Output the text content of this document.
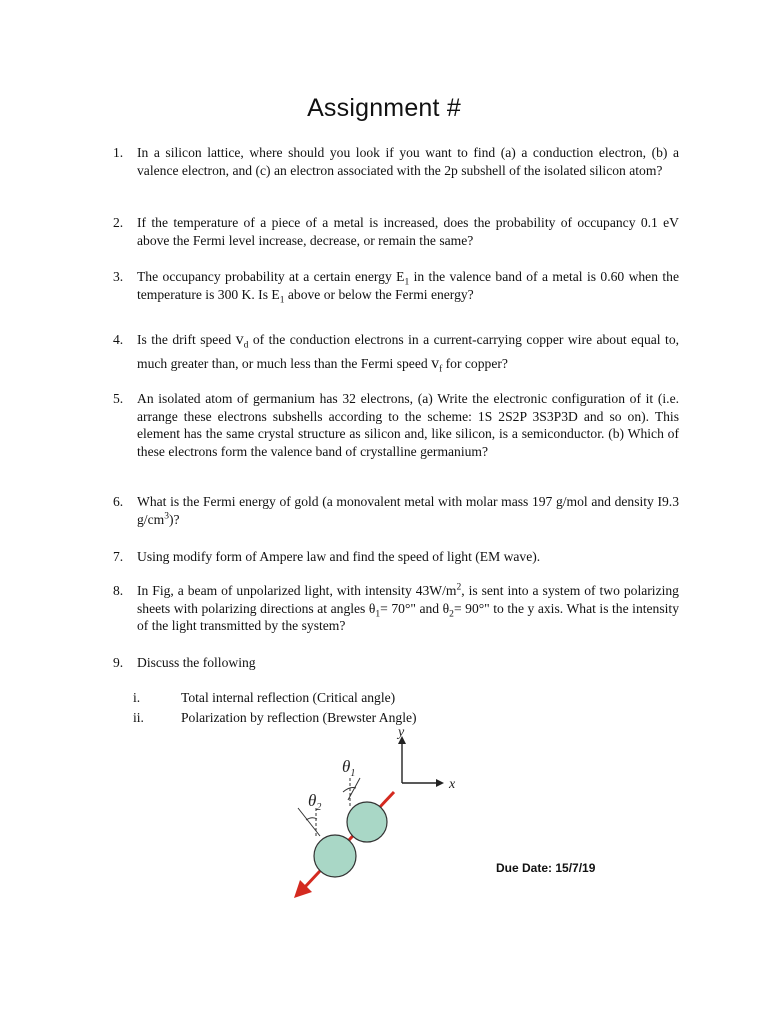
Assignment #
1. In a silicon lattice, where should you look if you want to find (a) a conduction electron, (b) a valence electron, and (c) an electron associated with the 2p subshell of the isolated silicon atom?
2. If the temperature of a piece of a metal is increased, does the probability of occupancy 0.1 eV above the Fermi level increase, decrease, or remain the same?
3. The occupancy probability at a certain energy $E_1$ in the valence band of a metal is 0.60 when the temperature is 300 K. Is $E_1$ above or below the Fermi energy?
4. Is the drift speed $v_d$ of the conduction electrons in a current-carrying copper wire about equal to, much greater than, or much less than the Fermi speed $v_f$ for copper?
5. An isolated atom of germanium has 32 electrons, (a) Write the electronic configuration of it (i.e. arrange these electrons subshells according to the scheme: 1S 2S2P 3S3P3D and so on). This element has the same crystal structure as silicon and, like silicon, is a semiconductor. (b) Which of these electrons form the valence band of crystalline germanium?
6. What is the Fermi energy of gold (a monovalent metal with molar mass 197 g/mol and density I9.3 $g/cm^3$)?
7. Using modify form of Ampere law and find the speed of light (EM wave).
8. In Fig, a beam of unpolarized light, with intensity $43W/m^2$, is sent into a system of two polarizing sheets with polarizing directions at angles $\theta_1= 70^\circ$" and $\theta_2= 90^\circ$" to the y axis. What is the intensity of the light transmitted by the system?
9. Discuss the following
i.	Total internal reflection (Critical angle)
ii.	Polarization by reflection (Brewster Angle)
y
x
$\theta_1$
$\theta_2$
Due Date: 15/7/19
